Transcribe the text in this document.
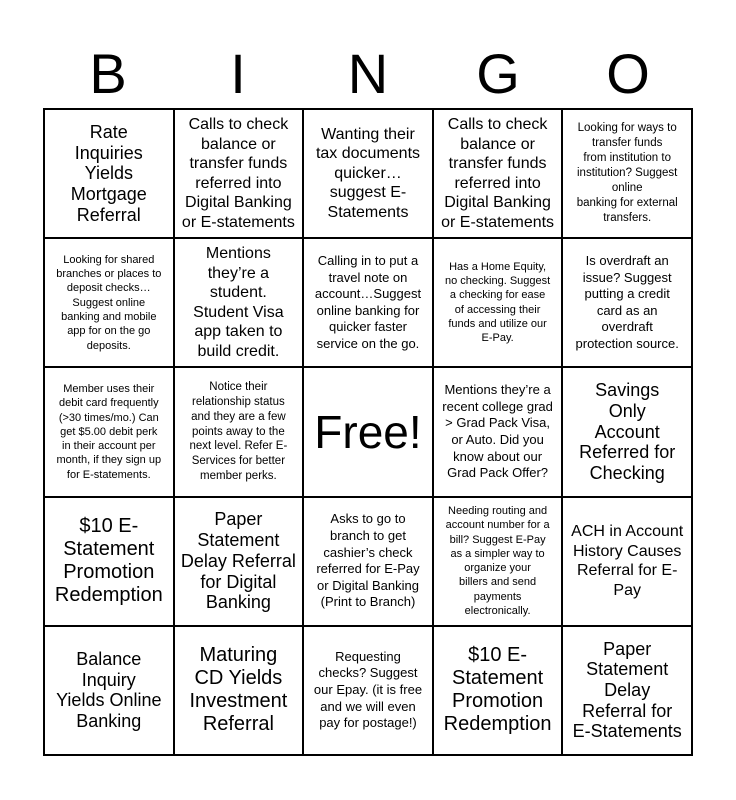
B	I	N	G	O
Rate
Inquiries
Yields
Mortgage
Referral
Calls to check
balance or
transfer funds
referred into
Digital Banking
or E-statements
Wanting their
tax documents
quicker…
suggest E-
Statements
Calls to check
balance or
transfer funds
referred into
Digital Banking
or E-statements
Looking for ways to
transfer funds
from institution to
institution? Suggest
online
banking for external
transfers.
Looking for shared
branches or places to
deposit checks…
Suggest online
banking and mobile
app for on the go
deposits.
Mentions
they’re a
student.
Student Visa
app taken to
build credit.
Calling in to put a
travel note on
account…Suggest
online banking for
quicker faster
service on the go.
Has a Home Equity,
no checking. Suggest
a checking for ease
of accessing their
funds and utilize our
E-Pay.
Is overdraft an
issue? Suggest
putting a credit
card as an
overdraft
protection source.
Member uses their
debit card frequently
(>30 times/mo.) Can
get $5.00 debit perk
in their account per
month, if they sign up
for E-statements.
Notice their
relationship status
and they are a few
points away to the
next level. Refer E-
Services for better
member perks.
Free!
Mentions they’re a
recent college grad
> Grad Pack Visa,
or Auto. Did you
know about our
Grad Pack Offer?
Savings
Only
Account
Referred for
Checking
$10 E-
Statement
Promotion
Redemption
Paper
Statement
Delay Referral
for Digital
Banking
Asks to go to
branch to get
cashier’s check
referred for E-Pay
or Digital Banking
(Print to Branch)
Needing routing and
account number for a
bill? Suggest E-Pay
as a simpler way to
organize your
billers and send
payments
electronically.
ACH in Account
History Causes
Referral for E-
Pay
Balance
Inquiry
Yields Online
Banking
Maturing
CD Yields
Investment
Referral
Requesting
checks? Suggest
our Epay. (it is free
and we will even
pay for postage!)
$10 E-
Statement
Promotion
Redemption
Paper
Statement
Delay
Referral for
E-Statements
